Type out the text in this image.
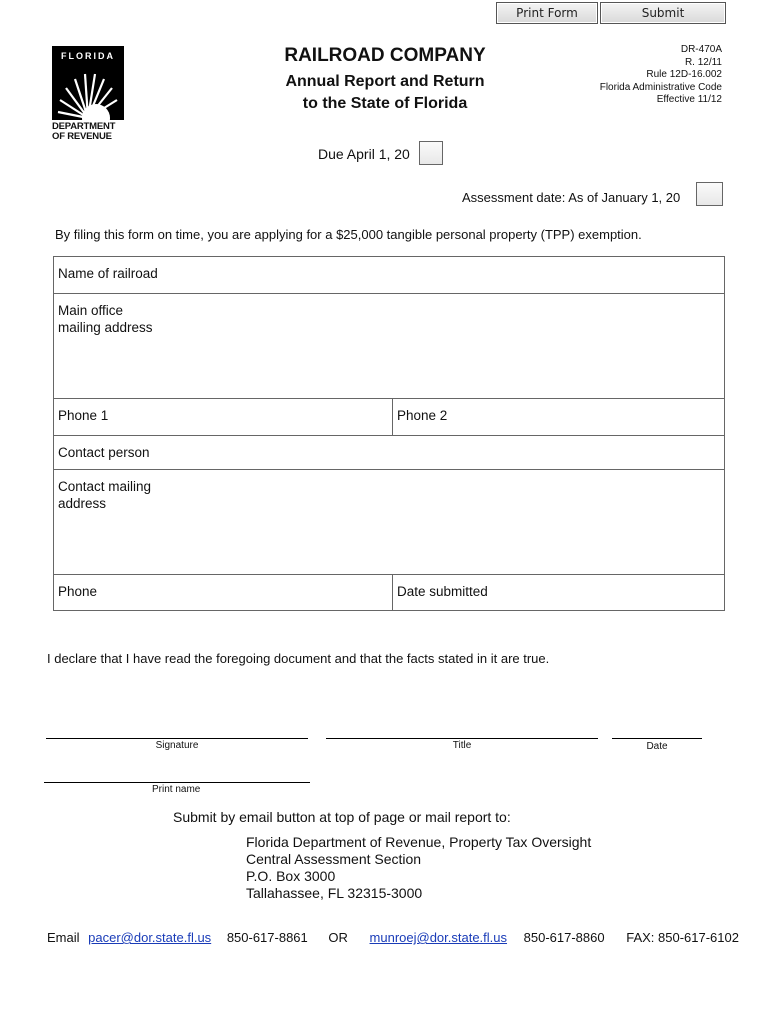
Print Form	Submit
FLORIDA
DEPARTMENT
OF REVENUE
RAILROAD COMPANY
Annual Report and Return
to the State of Florida
DR-470A
R. 12/11
Rule 12D-16.002
Florida Administrative Code
Effective 11/12
Due April 1, 20
Assessment date: As of January 1, 20
By filing this form on time, you are applying for a $25,000 tangible personal property (TPP) exemption.
Name of railroad	

Main office
mailing address	

Phone 1	Phone 2
Contact person	

Contact mailing
address	

Phone	Date submitted
I declare that I have read the foregoing document and that the facts stated in it are true.
Signature	Title	Date
Print name
Submit by email button at top of page or mail report to:
Florida Department of Revenue, Property Tax Oversight
Central Assessment Section
P.O. Box 3000
Tallahassee, FL 32315-3000
Email pacer@dor.state.fl.us 850-617-8861 OR munroej@dor.state.fl.us 850-617-8860 FAX: 850-617-6102
